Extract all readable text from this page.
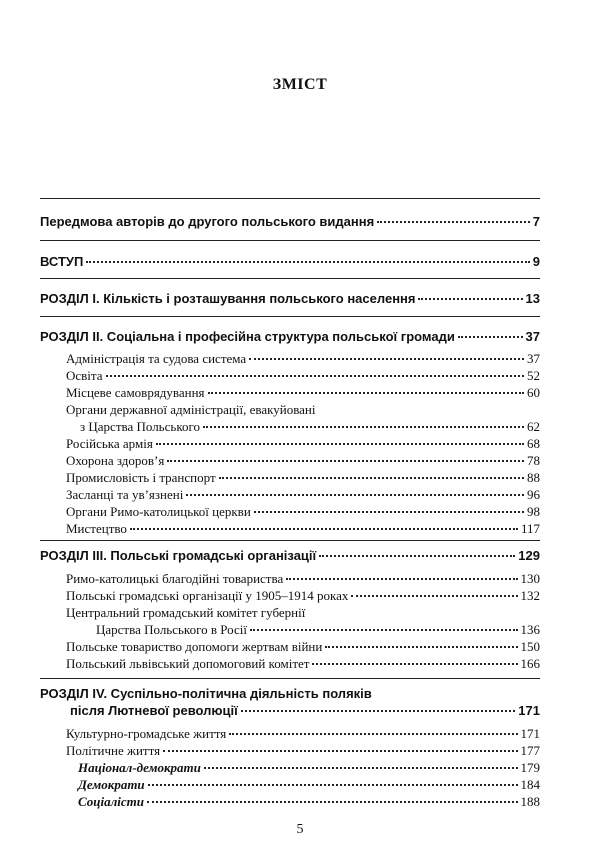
ЗМІСТ
Передмова авторів до другого польського видання	7
ВСТУП	9
РОЗДІЛ І. Кількість і розташування польського населення	13
РОЗДІЛ ІІ. Соціальна і професійна структура польської громади	37
Адміністрація та судова система	37
Освіта	52
Місцеве самоврядування	60
Органи державної адміністрації, евакуйовані
з Царства Польського	62
Російська армія	68
Охорона здоров’я	78
Промисловість і транспорт	88
Засланці та ув’язнені	96
Органи Римо-католицької церкви	98
Мистецтво	117
РОЗДІЛ ІІІ. Польські громадські організації	129
Римо-католицькі благодійні товариства	130
Польські громадські організації у 1905–1914 роках	132
Центральний громадський комітет губернії
Царства Польського в Росії	136
Польське товариство допомоги жертвам війни	150
Польський львівський допомоговий комітет	166
РОЗДІЛ IV. Суспільно-політична діяльність поляків
після Лютневої революції	171
Культурно-громадське життя	171
Політичне життя	177
Націонал-демократи	179
Демократи	184
Соціалісти	188
5
